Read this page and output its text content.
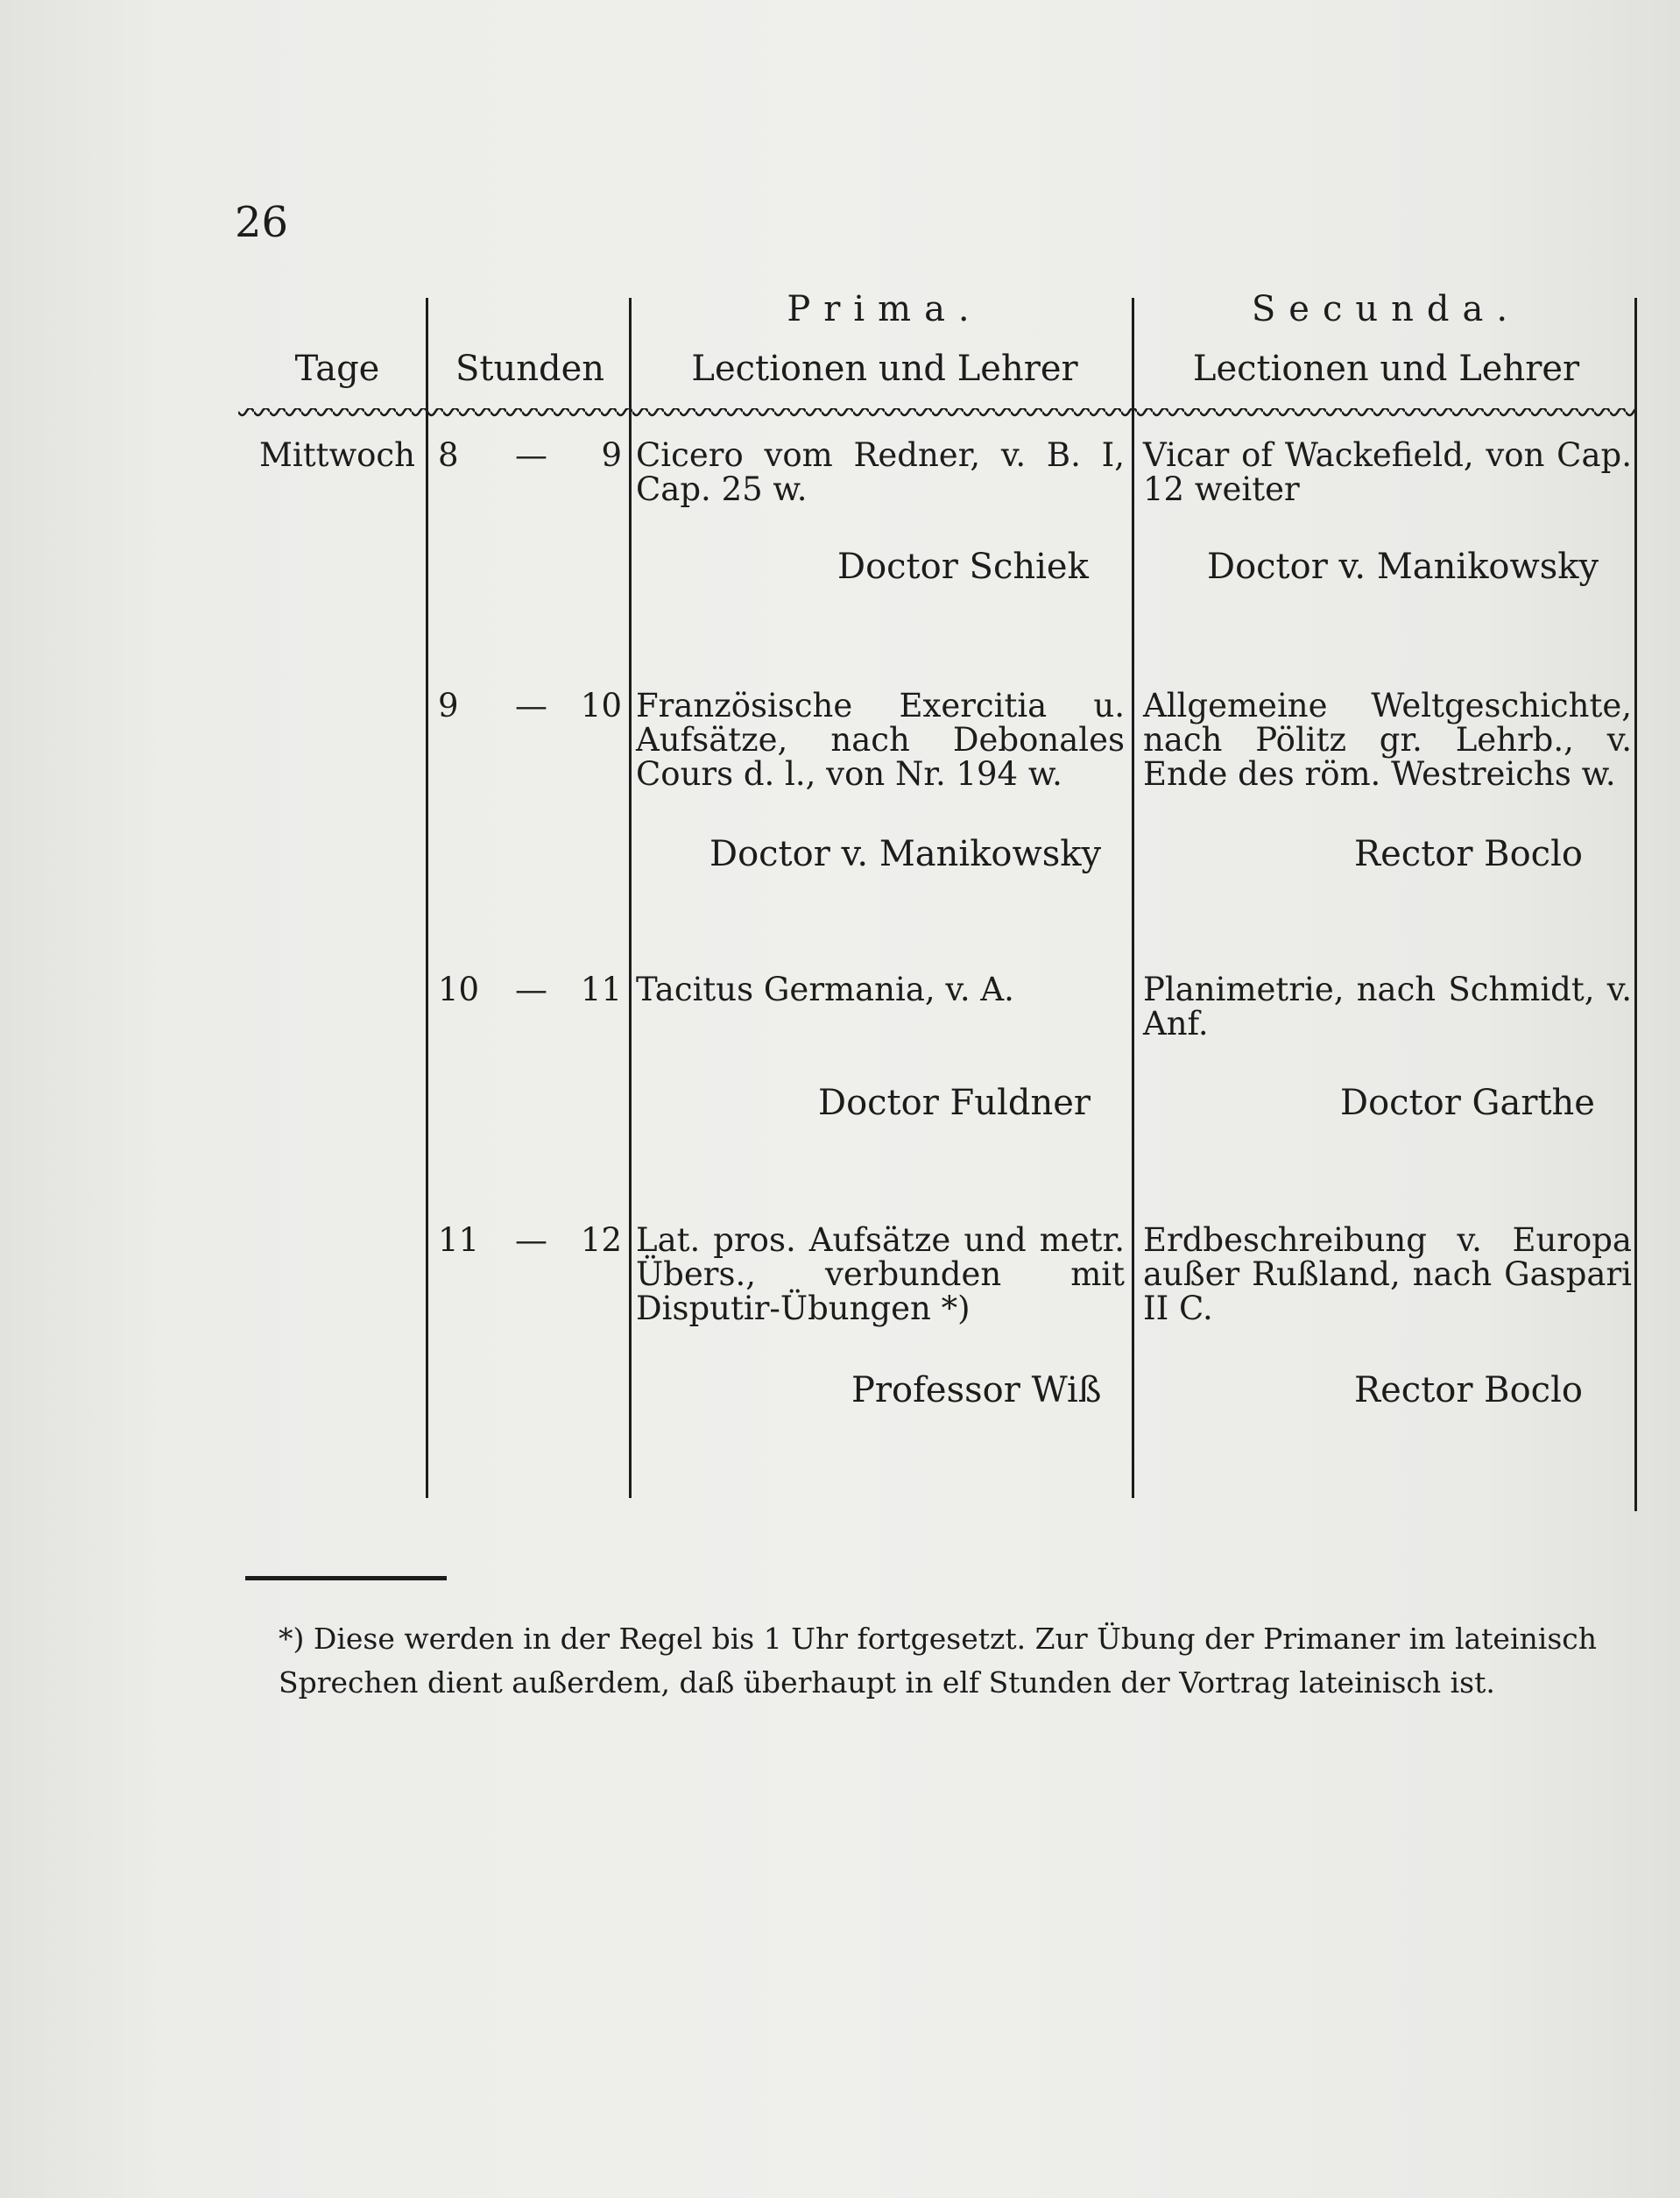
26
Tage	Stunden
Prima.
Lectionen und Lehrer
Secunda.
Lectionen und Lehrer
Mittwoch 8 —	9 Cicero vom Redner, v. B. I, Cap. 25 w.
Doctor Schiek
Vicar of Wackefield, von Cap. 12 weiter
Doctor v. Manikowsky
9 — 10 Französische Exercitia u. Aufsätze, nach Debonales Cours d. l., von Nr. 194 w.
Doctor v. Manikowsky
Allgemeine Weltgeschichte, nach Pölitz gr. Lehrb., v. Ende des röm. Westreichs w.
Rector Boclo
10 — 11 Tacitus Germania, v. A.
Doctor Fuldner
Planimetrie, nach Schmidt, v. Anf.
Doctor Garthe
11 — 12 Lat. pros. Aufsätze und metr. Übers., verbunden mit Disputir-Übungen *)
Professor Wiß
Erdbeschreibung v. Europa außer Rußland, nach Gaspari II C.
Rector Boclo
*) Diese werden in der Regel bis 1 Uhr fortgesetzt. Zur Übung der Primaner im lateinisch Sprechen dient außerdem, daß überhaupt in elf Stunden der Vortrag lateinisch ist.
